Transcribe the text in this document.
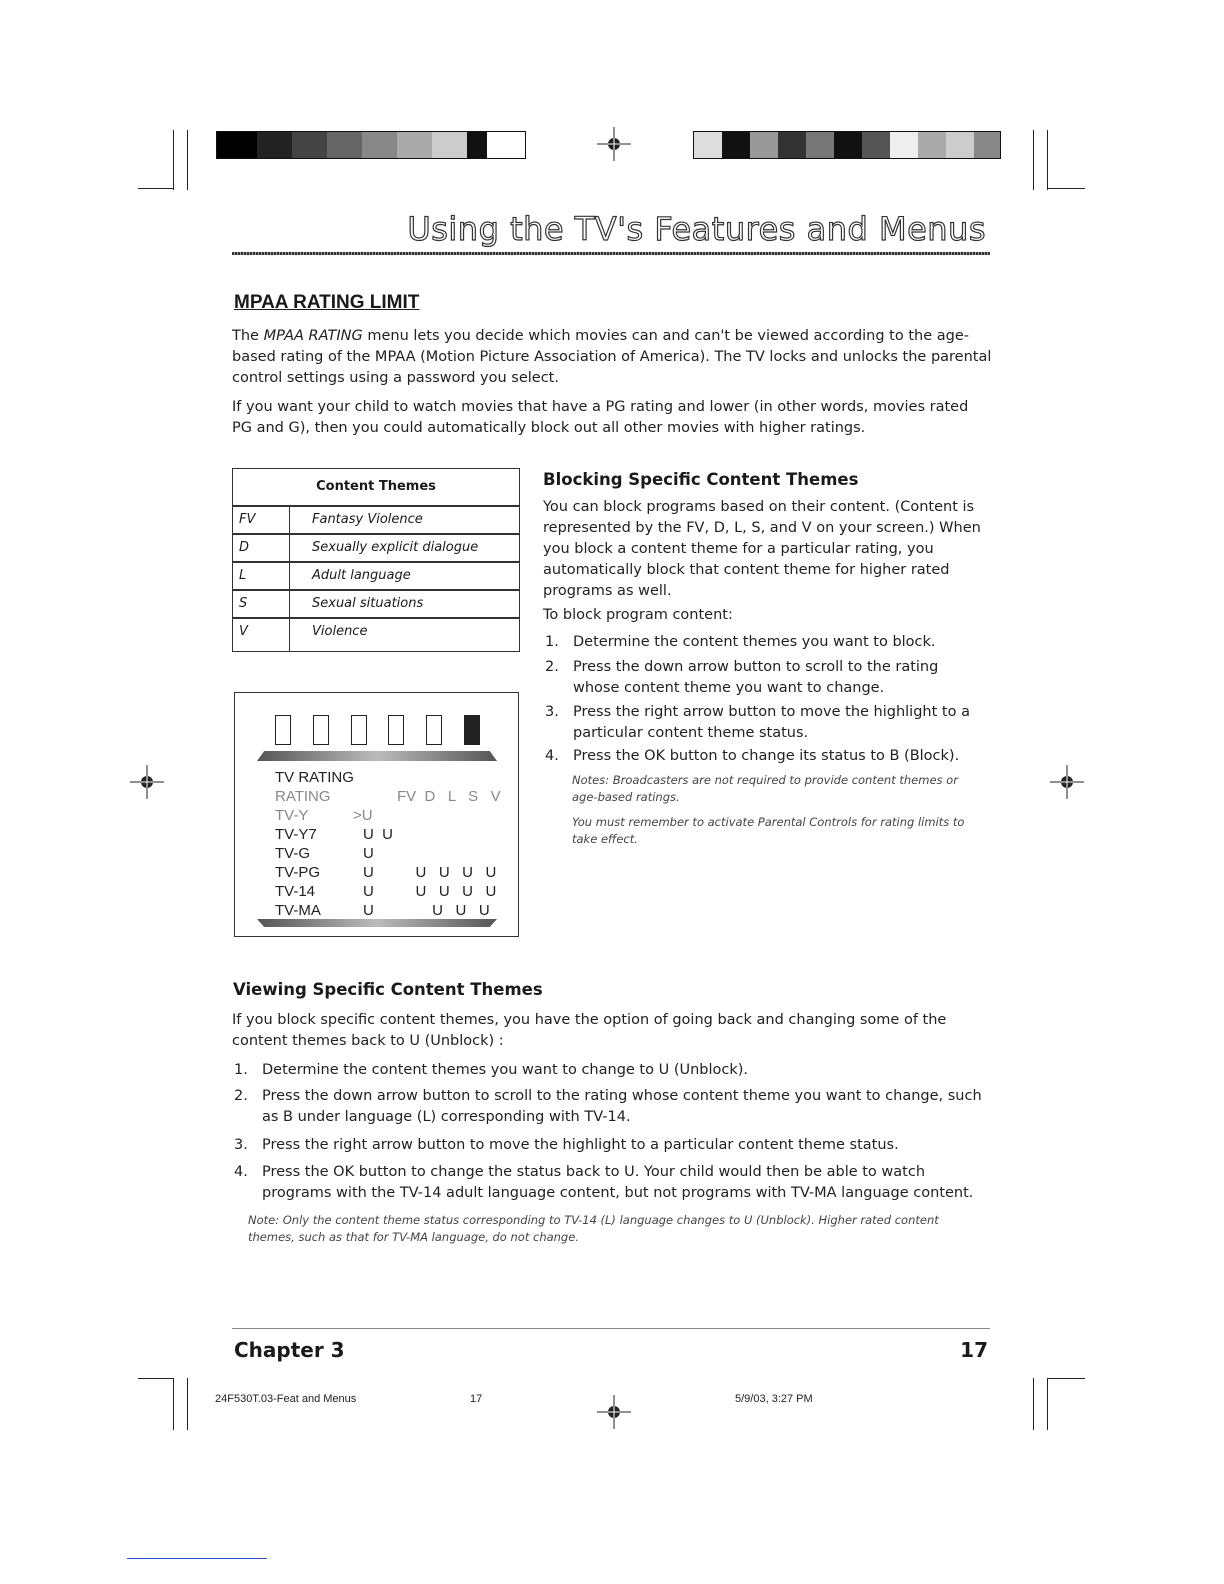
Using the TV's Features and Menus
MPAA RATING LIMIT
The MPAA RATING menu lets you decide which movies can and can't be viewed according to the age-
based rating of the MPAA (Motion Picture Association of America). The TV locks and unlocks the parental
control settings using a password you select.
If you want your child to watch movies that have a PG rating and lower (in other words, movies rated
PG and G), then you could automatically block out all other movies with higher ratings.
Content Themes
FV	Fantasy Violence
D	Sexually explicit dialogue
L	Adult language
S	Sexual situations
V	Violence
TV RATING
RATING	FV  D   L   S   V
TV-Y	>U
TV-Y7	U  U
TV-G	U
TV-PG	U          U   U   U   U
TV-14	U          U   U   U   U
TV-MA	U              U   U   U
Blocking Specific Content Themes
You can block programs based on their content. (Content is
represented by the FV, D, L, S, and V on your screen.) When
you block a content theme for a particular rating, you
automatically block that content theme for higher rated
programs as well.
To block program content:
1. Determine the content themes you want to block.
2. Press the down arrow button to scroll to the rating
whose content theme you want to change.
3. Press the right arrow button to move the highlight to a
particular content theme status.
4. Press the OK button to change its status to B (Block).
Notes: Broadcasters are not required to provide content themes or
age-based ratings.
You must remember to activate Parental Controls for rating limits to
take effect.
Viewing Specific Content Themes
If you block specific content themes, you have the option of going back and changing some of the
content themes back to U (Unblock) :
1. Determine the content themes you want to change to U (Unblock).
2. Press the down arrow button to scroll to the rating whose content theme you want to change, such
as B under language (L) corresponding with TV-14.
3. Press the right arrow button to move the highlight to a particular content theme status.
4. Press the OK button to change the status back to U. Your child would then be able to watch
programs with the TV-14 adult language content, but not programs with TV-MA language content.
Note: Only the content theme status corresponding to TV-14 (L) language changes to U (Unblock). Higher rated content
themes, such as that for TV-MA language, do not change.
Chapter 3	17
24F530T.03-Feat and Menus	17	5/9/03, 3:27 PM
